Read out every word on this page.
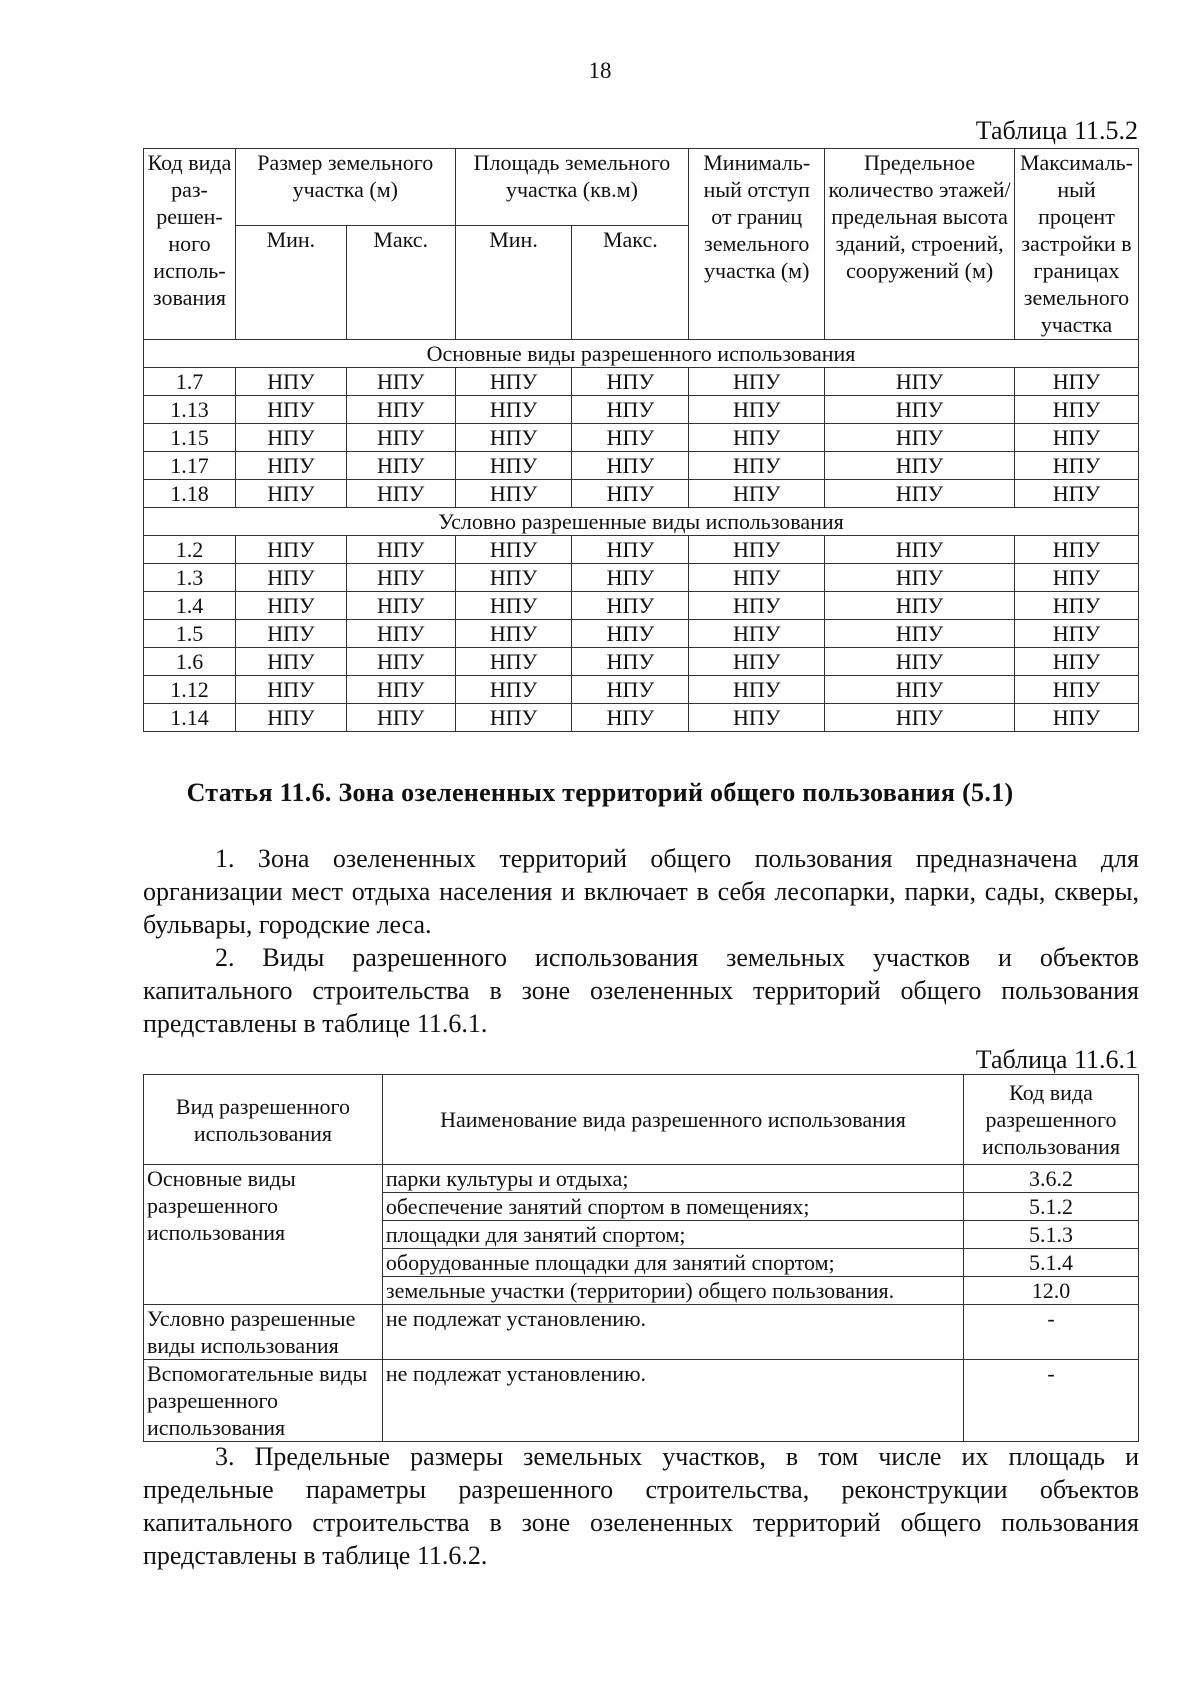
18
Таблица 11.5.2
Код вида раз- решен- ного исполь- зования	Размер земельного участка (м)		Площадь земельного участка (кв.м)		Минималь- ный отступ от границ земельного участка (м)	Предельное количество этажей/ предельная высота зданий, строений, сооружений (м)	Максималь- ный процент застройки в границах земельного участка
	Мин.	Макс.	Мин.	Макс.			
Основные виды разрешенного использования							
1.7	НПУ	НПУ	НПУ	НПУ	НПУ	НПУ	НПУ
1.13	НПУ	НПУ	НПУ	НПУ	НПУ	НПУ	НПУ
1.15	НПУ	НПУ	НПУ	НПУ	НПУ	НПУ	НПУ
1.17	НПУ	НПУ	НПУ	НПУ	НПУ	НПУ	НПУ
1.18	НПУ	НПУ	НПУ	НПУ	НПУ	НПУ	НПУ
Условно разрешенные виды использования							
1.2	НПУ	НПУ	НПУ	НПУ	НПУ	НПУ	НПУ
1.3	НПУ	НПУ	НПУ	НПУ	НПУ	НПУ	НПУ
1.4	НПУ	НПУ	НПУ	НПУ	НПУ	НПУ	НПУ
1.5	НПУ	НПУ	НПУ	НПУ	НПУ	НПУ	НПУ
1.6	НПУ	НПУ	НПУ	НПУ	НПУ	НПУ	НПУ
1.12	НПУ	НПУ	НПУ	НПУ	НПУ	НПУ	НПУ
1.14	НПУ	НПУ	НПУ	НПУ	НПУ	НПУ	НПУ
Статья 11.6. Зона озелененных территорий общего пользования (5.1)
1. Зона озелененных территорий общего пользования предназначена для организации мест отдыха населения и включает в себя лесопарки, парки, сады, скверы, бульвары, городские леса.
2. Виды разрешенного использования земельных участков и объектов капитального строительства в зоне озелененных территорий общего пользования представлены в таблице 11.6.1.
Таблица 11.6.1
Вид разрешенного использования	Наименование вида разрешенного использования	Код вида разрешенного использования
Основные виды разрешенного использования	парки культуры и отдыха;	3.6.2
	обеспечение занятий спортом в помещениях;	5.1.2
	площадки для занятий спортом;	5.1.3
	оборудованные площадки для занятий спортом;	5.1.4
	земельные участки (территории) общего пользования.	12.0
Условно разрешенные виды использования	не подлежат установлению.	-
Вспомогательные виды разрешенного использования	не подлежат установлению.	-
3. Предельные размеры земельных участков, в том числе их площадь и предельные параметры разрешенного строительства, реконструкции объектов капитального строительства в зоне озелененных территорий общего пользования представлены в таблице 11.6.2.
